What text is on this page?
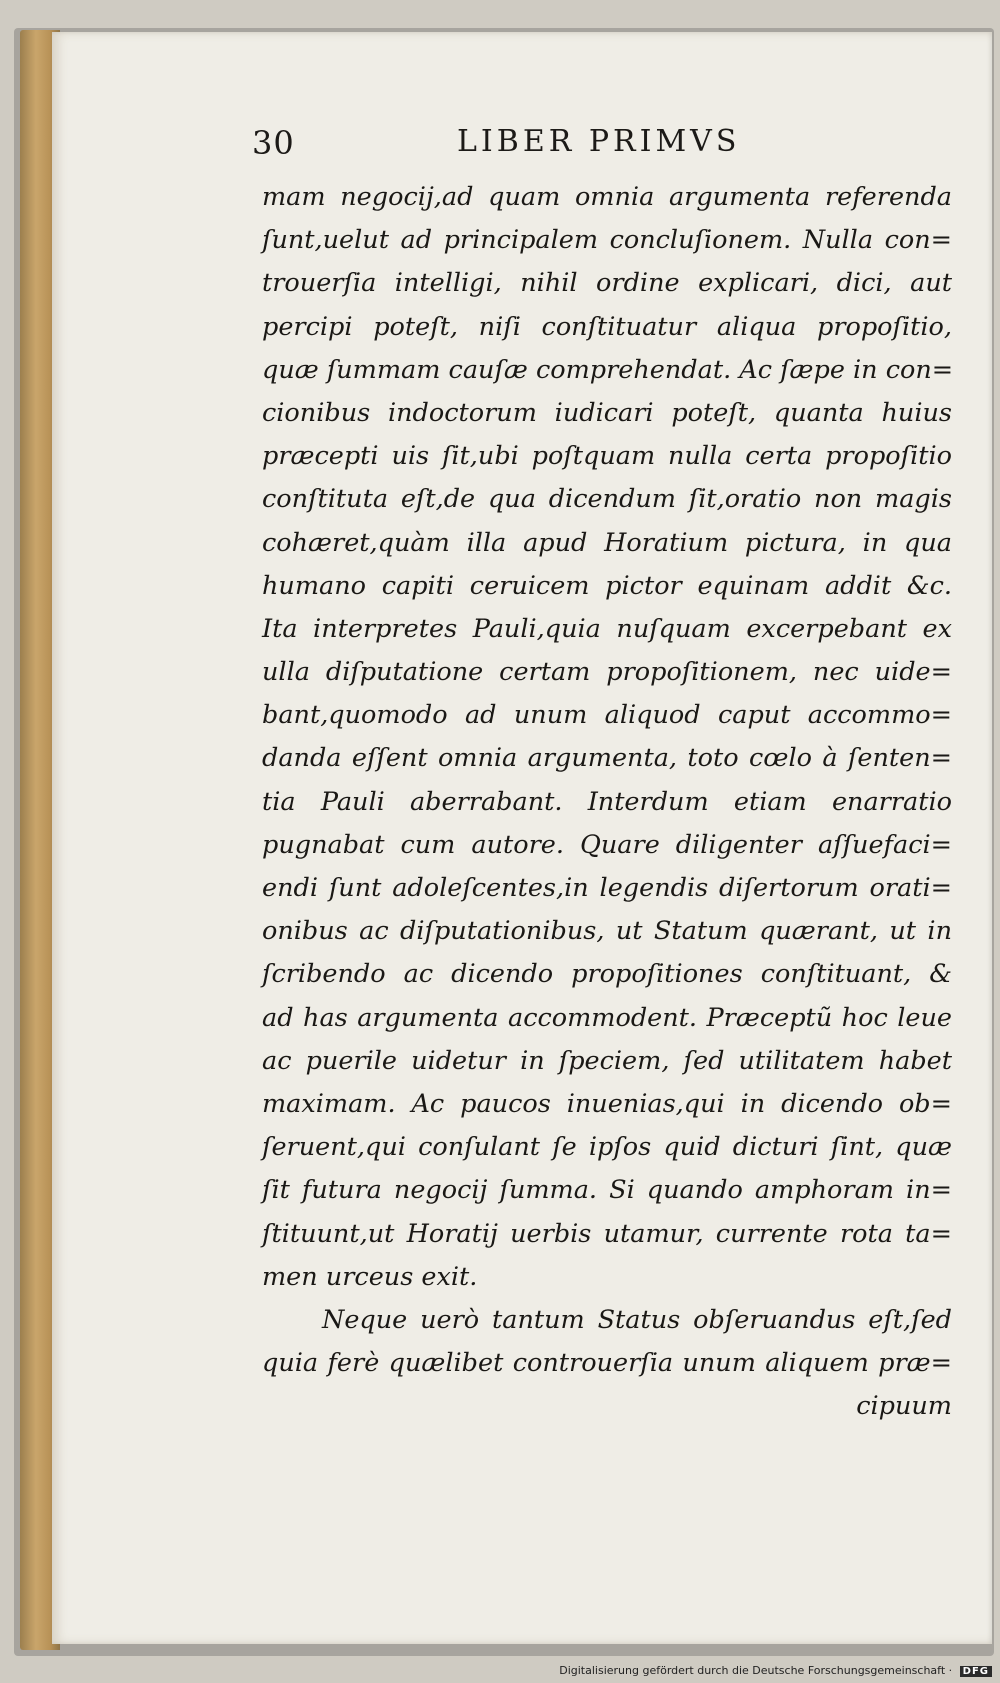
30	LIBER PRIMVS
mam negocij,ad quam omnia argumenta referenda
ſunt,uelut ad principalem concluſionem. Nulla con=
trouerſia intelligi, nihil ordine explicari, dici, aut
percipi poteſt, niſi conſtituatur aliqua propoſitio,
quæ ſummam cauſæ comprehendat. Ac ſæpe in con=
cionibus indoctorum iudicari poteſt, quanta huius
præcepti uis ſit,ubi poſtquam nulla certa propoſitio
conſtituta eſt,de qua dicendum ſit,oratio non magis
cohæret,quàm illa apud Horatium pictura, in qua
humano capiti ceruicem pictor equinam addit &c.
Ita interpretes Pauli,quia nuſquam excerpebant ex
ulla diſputatione certam propoſitionem, nec uide=
bant,quomodo ad unum aliquod caput accommo=
danda eſſent omnia argumenta, toto cœlo à ſenten=
tia Pauli aberrabant. Interdum etiam enarratio
pugnabat cum autore. Quare diligenter aſſuefaci=
endi ſunt adoleſcentes,in legendis diſertorum orati=
onibus ac diſputationibus, ut Statum quærant, ut in
ſcribendo ac dicendo propoſitiones conſtituant, &
ad has argumenta accommodent. Præceptũ hoc leue
ac puerile uidetur in ſpeciem, ſed utilitatem habet
maximam. Ac paucos inuenias,qui in dicendo ob=
ſeruent,qui conſulant ſe ipſos quid dicturi ſint, quæ
ſit futura negocij ſumma. Si quando amphoram in=
ſtituunt,ut Horatij uerbis utamur, currente rota ta=
men urceus exit.
Neque uerò tantum Status obſeruandus eſt,ſed
quia ferè quælibet controuerſia unum aliquem præ=
cipuum
Digitalisierung gefördert durch die Deutsche Forschungsgemeinschaft · DFG
